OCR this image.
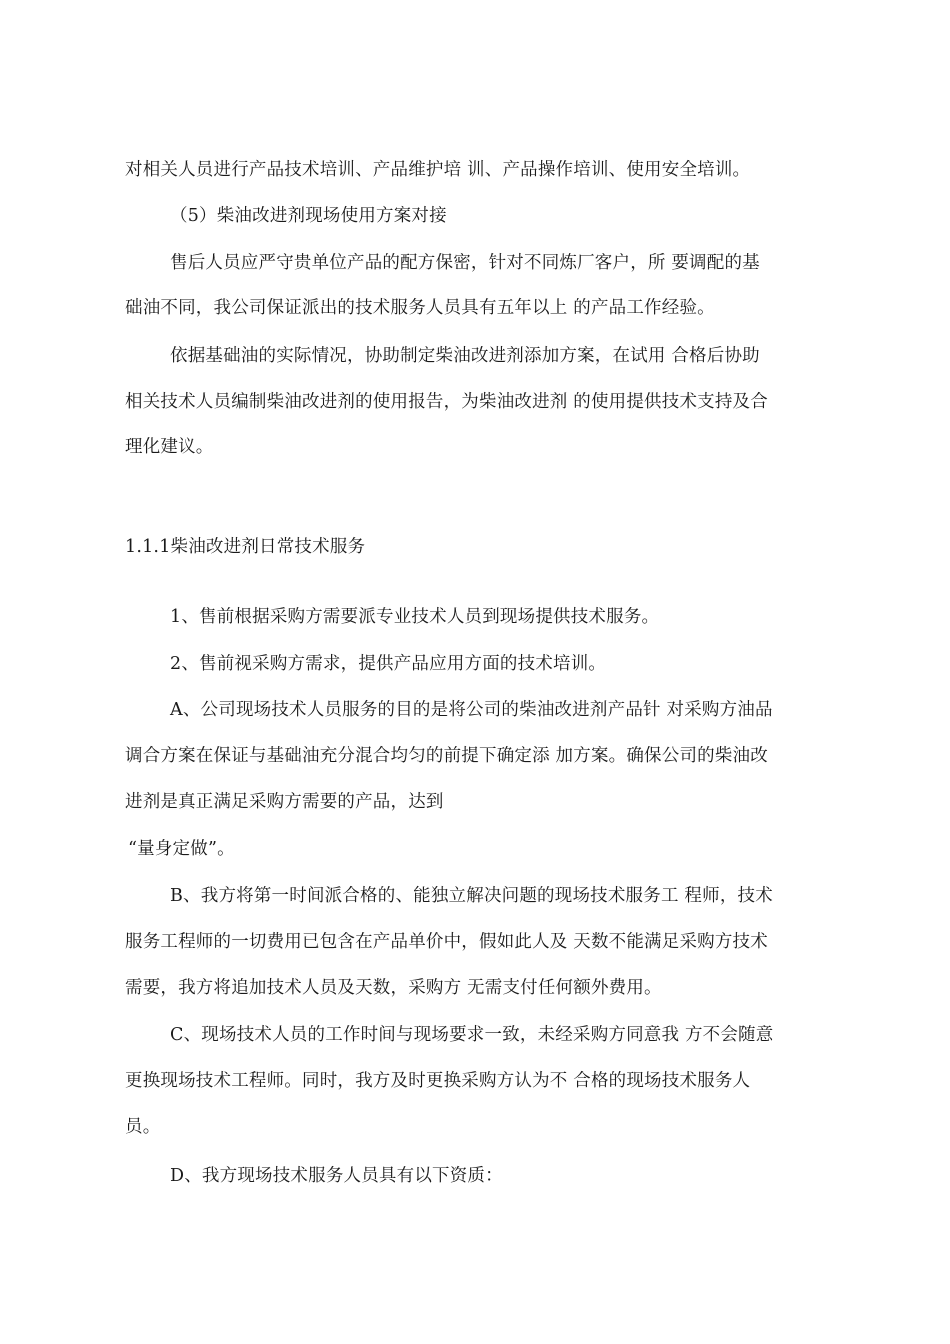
对相关人员进行产品技术培训、产品维护培 训、产品操作培训、使用安全培训。
（5）柴油改进剂现场使用方案对接
售后人员应严守贵单位产品的配方保密，针对不同炼厂客户，所 要调配的基
础油不同，我公司保证派出的技术服务人员具有五年以上 的产品工作经验。
依据基础油的实际情况，协助制定柴油改进剂添加方案，在试用 合格后协助
相关技术人员编制柴油改进剂的使用报告，为柴油改进剂 的使用提供技术支持及合
理化建议。
1.1.1柴油改进剂日常技术服务
1、售前根据采购方需要派专业技术人员到现场提供技术服务。
2、售前视采购方需求，提供产品应用方面的技术培训。
A、公司现场技术人员服务的目的是将公司的柴油改进剂产品针 对采购方油品
调合方案在保证与基础油充分混合均匀的前提下确定添 加方案。确保公司的柴油改
进剂是真正满足采购方需要的产品，达到
“量身定做”。
B、我方将第一时间派合格的、能独立解决问题的现场技术服务工 程师，技术
服务工程师的一切费用已包含在产品单价中，假如此人及 天数不能满足采购方技术
需要，我方将追加技术人员及天数，采购方 无需支付任何额外费用。
C、现场技术人员的工作时间与现场要求一致，未经采购方同意我 方不会随意
更换现场技术工程师。同时，我方及时更换采购方认为不 合格的现场技术服务人
员。
D、我方现场技术服务人员具有以下资质：
